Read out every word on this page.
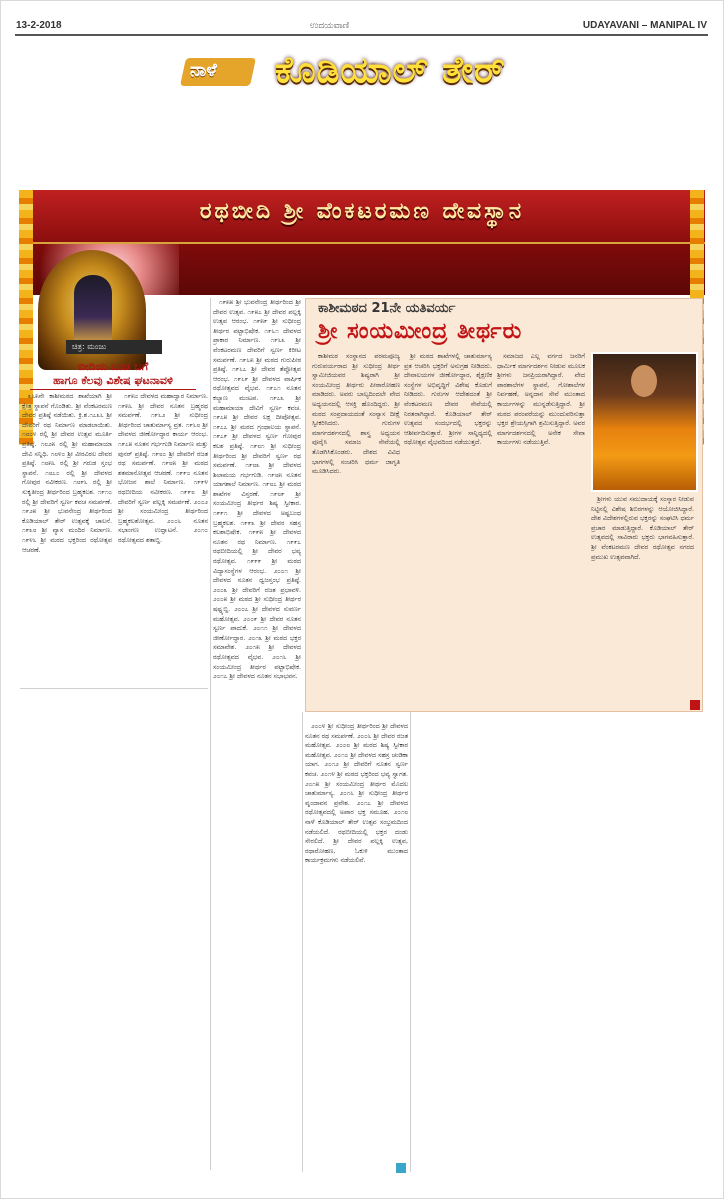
13-2-2018	ಉದಯವಾಣಿ	UDAYAVANI – MANIPAL IV
ರಥಬೀದಿ ಶ್ರೀ ವೆಂಕಟರಮಣ ದೇವಸ್ಥಾನ
ನಾಳೆ ಕೊಡಿಯಾಲ್ ತೇರ್
ಚಿತ್ರ: ಮಂಜು
ಬೀದಿಯ ಬಂಡ ಬಗೆ
ಹಾಗೂ ಕೆಲವು ವಿಶೇಷ ಘಟನಾವಳಿ

೩೬೫ನೇ ಕಾಶೀಮಠದ ಶಾಖೆಯಾಗಿ ಶ್ರೀ ಕ್ಷೇತ್ರ ಸ್ಥಾಪನೆ ಗೊಂಡಿತು. ಶ್ರೀ ವೆಂಕಟರಮಣ ದೇವರ ಪ್ರತಿಷ್ಠೆ ನಡೆಯಿತು. ಕ್ರಿ.ಶ.೧೭೩೬ ಶ್ರೀ ದೇವರಿಗೆ ರಥ ನಿರ್ಮಾಣ ಮಾಡಲಾಯಿತು. ೧೮೦೪ ರಲ್ಲಿ ಶ್ರೀ ದೇವರ ಉತ್ಸವ ಮೂರ್ತಿ ಪ್ರತಿಷ್ಠೆ. ೧೮೨೫ ರಲ್ಲಿ ಶ್ರೀ ಮಹಾಮಾಯಾ ದೇವಿ ಸನ್ನಿಧಿ. ೧೮೪೦ ಶ್ರೀ ವೀರವಿಠಲ ದೇವರ ಪ್ರತಿಷ್ಠೆ. ೧೮೫೬ ರಲ್ಲಿ ಶ್ರೀ ಗರುಡ ಸ್ತಂಭ ಸ್ಥಾಪನೆ. ೧೮೭೦ ರಲ್ಲಿ ಶ್ರೀ ದೇವಳದ ಗೋಪುರ ನವೀಕರಣ. ೧೮೯೬ ರಲ್ಲಿ ಶ್ರೀ ಸುಕೃತೀಂದ್ರ ತೀರ್ಥರಿಂದ ಬ್ರಹ್ಮಕಲಶ. ೧೯೧೦ ರಲ್ಲಿ ಶ್ರೀ ದೇವರಿಗೆ ಸ್ವರ್ಣ ಕವಚ ಸಮರ್ಪಣೆ. ೧೯೨೫ ಶ್ರೀ ಭುವನೇಂದ್ರ ತೀರ್ಥರಿಂದ ಕೊಡಿಯಾಲ್ ತೇರ್ ಉತ್ಸವಕ್ಕೆ ಚಾಲನೆ. ೧೯೩೮ ಶ್ರೀ ವ್ಯಾಸ ಮಂದಿರ ನಿರ್ಮಾಣ. ೧೯೪೬ ಶ್ರೀ ಮಠದ ಭಕ್ತರಿಂದ ರಥೋತ್ಸವ ಆಚರಣೆ.

೧೯೫೦ ದೇವಳದ ಮಹಾದ್ವಾರ ನಿರ್ಮಾಣ. ೧೯೫೬ ಶ್ರೀ ದೇವರ ನೂತನ ಬ್ರಹ್ಮರಥ ಸಮರ್ಪಣೆ. ೧೯೬೨ ಶ್ರೀ ಸುಧೀಂದ್ರ ತೀರ್ಥರಿಂದ ಚಾತುರ್ಮಾಸ್ಯ ವ್ರತ. ೧೯೬೮ ಶ್ರೀ ದೇವಳದ ಜೀರ್ಣೋದ್ಧಾರ ಕಾರ್ಯ ಆರಂಭ. ೧೯೭೫ ನೂತನ ಗರ್ಭಗುಡಿ ನಿರ್ಮಾಣ ಮತ್ತು ಪುನರ್ ಪ್ರತಿಷ್ಠೆ. ೧೯೮೦ ಶ್ರೀ ದೇವರಿಗೆ ರಜತ ರಥ ಸಮರ್ಪಣೆ. ೧೯೮೫ ಶ್ರೀ ಮಠದ ಶತಮಾನೋತ್ಸವ ಆಚರಣೆ. ೧೯೯೦ ನೂತನ ಭೋಜನ ಶಾಲೆ ನಿರ್ಮಾಣ. ೧೯೯೪ ರಥಬೀದಿಯ ನವೀಕರಣ. ೧೯೯೮ ಶ್ರೀ ದೇವರಿಗೆ ಸ್ವರ್ಣ ಪಲ್ಲಕ್ಕಿ ಸಮರ್ಪಣೆ. ೨೦೦೨ ಶ್ರೀ ಸಂಯಮೀಂದ್ರ ತೀರ್ಥರಿಂದ ಬ್ರಹ್ಮಕಲಶೋತ್ಸವ. ೨೦೦೬ ನೂತನ ಸಭಾಂಗಣ ಉದ್ಘಾಟನೆ. ೨೦೧೦ ರಥೋತ್ಸವದ ಶತಾಬ್ದಿ.

೧೯೫೫ ಶ್ರೀ ಭುವನೇಂದ್ರ ತೀರ್ಥರಿಂದ ಶ್ರೀ ದೇವರ ಉತ್ಸವ. ೧೯೫೭ ಶ್ರೀ ದೇವರ ಪಲ್ಲಕ್ಕಿ ಉತ್ಸವ ಆರಂಭ. ೧೯೫೯ ಶ್ರೀ ಸುಧೀಂದ್ರ ತೀರ್ಥರ ಪಟ್ಟಾಭಿಷೇಕ. ೧೯೬೧ ದೇವಳದ ಪ್ರಾಕಾರ ನಿರ್ಮಾಣ. ೧೯೬೩ ಶ್ರೀ ವೆಂಕಟರಮಣ ದೇವರಿಗೆ ಸ್ವರ್ಣ ಕಿರೀಟ ಸಮರ್ಪಣೆ. ೧೯೬೫ ಶ್ರೀ ಮಠದ ಗುರುಪೀಠ ಪ್ರತಿಷ್ಠೆ. ೧೯೬೭ ಶ್ರೀ ದೇವರ ತೆಪ್ಪೋತ್ಸವ ಆರಂಭ. ೧೯೬೯ ಶ್ರೀ ದೇವಳದ ವಾರ್ಷಿಕ ರಥೋತ್ಸವದ ವೈಭವ. ೧೯೭೧ ನೂತನ ಕಲ್ಯಾಣ ಮಂಟಪ. ೧೯೭೩ ಶ್ರೀ ಮಹಾಮಾಯಾ ದೇವಿಗೆ ಸ್ವರ್ಣ ಕವಚ. ೧೯೭೫ ಶ್ರೀ ದೇವರ ಲಕ್ಷ ದೀಪೋತ್ಸವ. ೧೯೭೭ ಶ್ರೀ ಮಠದ ಗ್ರಂಥಾಲಯ ಸ್ಥಾಪನೆ. ೧೯೭೯ ಶ್ರೀ ದೇವಳದ ಸ್ವರ್ಣ ಗೋಪುರ ಕಲಶ ಪ್ರತಿಷ್ಠೆ. ೧೯೮೧ ಶ್ರೀ ಸುಧೀಂದ್ರ ತೀರ್ಥರಿಂದ ಶ್ರೀ ದೇವರಿಗೆ ಸ್ವರ್ಣ ರಥ ಸಮರ್ಪಣೆ. ೧೯೮೩ ಶ್ರೀ ದೇವಳದ ಶಿಲಾಮಯ ಗರ್ಭಗುಡಿ. ೧೯೮೫ ನೂತನ ಯಾಗಶಾಲೆ ನಿರ್ಮಾಣ. ೧೯೮೭ ಶ್ರೀ ಮಠದ ಶಾಖೆಗಳ ವಿಸ್ತರಣೆ. ೧೯೮೯ ಶ್ರೀ ಸಂಯಮೀಂದ್ರ ತೀರ್ಥರ ಶಿಷ್ಯ ಸ್ವೀಕಾರ. ೧೯೯೧ ಶ್ರೀ ದೇವಳದ ಅಷ್ಟಬಂಧ ಬ್ರಹ್ಮಕಲಶ. ೧೯೯೩ ಶ್ರೀ ದೇವರ ಸಹಸ್ರ ಕಲಶಾಭಿಷೇಕ. ೧೯೯೫ ಶ್ರೀ ದೇವಳದ ನೂತನ ರಥ ನಿರ್ಮಾಣ. ೧೯೯೭ ರಥಬೀದಿಯಲ್ಲಿ ಶ್ರೀ ದೇವರ ಭವ್ಯ ರಥೋತ್ಸವ. ೧೯೯೯ ಶ್ರೀ ಮಠದ ವಿದ್ಯಾಸಂಸ್ಥೆಗಳ ಆರಂಭ. ೨೦೦೧ ಶ್ರೀ ದೇವಳದ ನೂತನ ಧ್ವಜಸ್ತಂಭ ಪ್ರತಿಷ್ಠೆ. ೨೦೦೩ ಶ್ರೀ ದೇವರಿಗೆ ರಜತ ಪ್ರಭಾವಳಿ. ೨೦೦೫ ಶ್ರೀ ಮಠದ ಶ್ರೀ ಸುಧೀಂದ್ರ ತೀರ್ಥರ ಷಷ್ಟ್ಯಬ್ದಿ. ೨೦೦೭ ಶ್ರೀ ದೇವಳದ ಸುವರ್ಣ ಮಹೋತ್ಸವ. ೨೦೦೯ ಶ್ರೀ ದೇವರ ನೂತನ ಸ್ವರ್ಣ ಪಾದುಕೆ. ೨೦೧೧ ಶ್ರೀ ದೇವಳದ ಜೀರ್ಣೋದ್ಧಾರ. ೨೦೧೩ ಶ್ರೀ ಮಠದ ಭಕ್ತರ ಸಮಾವೇಶ. ೨೦೧೫ ಶ್ರೀ ದೇವಳದ ರಥೋತ್ಸವದ ವೈಭವ. ೨೦೧೬ ಶ್ರೀ ಸಂಯಮೀಂದ್ರ ತೀರ್ಥರ ಪಟ್ಟಾಭಿಷೇಕ. ೨೦೧೭ ಶ್ರೀ ದೇವಳದ ನೂತನ ಸಭಾಭವನ.

ಕಾಶೀಮಠದ 21ನೇ ಯತಿವರ್ಯ
ಶ್ರೀ ಸಂಯಮೀಂದ್ರ ತೀರ್ಥರು

ಕಾಶೀಮಠ ಸಂಸ್ಥಾನದ ಪರಮಪೂಜ್ಯ ಗುರುವರ್ಯರಾದ ಶ್ರೀ ಸುಧೀಂದ್ರ ತೀರ್ಥ ಸ್ವಾಮೀಜಿಯವರ ಶಿಷ್ಯರಾಗಿ ಶ್ರೀ ಸಂಯಮೀಂದ್ರ ತೀರ್ಥರು ಪೀಠಾರೋಹಣ ಮಾಡಿದರು. ಅವರು ಬಾಲ್ಯದಿಂದಲೇ ವೇದ ಅಧ್ಯಯನದಲ್ಲಿ ಆಸಕ್ತಿ ಹೊಂದಿದ್ದರು. ಶ್ರೀ ಮಠದ ಸಂಪ್ರದಾಯದಂತೆ ಸಂನ್ಯಾಸ ದೀಕ್ಷೆ ಸ್ವೀಕರಿಸಿದರು. ಗುರುಗಳ ಮಾರ್ಗದರ್ಶನದಲ್ಲಿ ಶಾಸ್ತ್ರ ಅಧ್ಯಯನ ಪೂರೈಸಿ ಸಮಾಜ ಸೇವೆಯಲ್ಲಿ ತೊಡಗಿಸಿಕೊಂಡರು. ದೇಶದ ವಿವಿಧ ಭಾಗಗಳಲ್ಲಿ ಸಂಚರಿಸಿ ಧರ್ಮ ಜಾಗೃತಿ ಮೂಡಿಸಿದರು.

ಶ್ರೀ ಮಠದ ಶಾಖೆಗಳಲ್ಲಿ ಚಾತುರ್ಮಾಸ್ಯ ವ್ರತ ಆಚರಿಸಿ ಭಕ್ತರಿಗೆ ಅನುಗ್ರಹ ನೀಡಿದರು. ದೇವಾಲಯಗಳ ಜೀರ್ಣೋದ್ಧಾರ, ಶೈಕ್ಷಣಿಕ ಸಂಸ್ಥೆಗಳ ಅಭಿವೃದ್ಧಿಗೆ ವಿಶೇಷ ಕೊಡುಗೆ ನೀಡಿದರು. ಗುರುಗಳ ಆದೇಶದಂತೆ ಶ್ರೀ ವೆಂಕಟರಮಣ ದೇವರ ಸೇವೆಯಲ್ಲಿ ನಿರತರಾಗಿದ್ದಾರೆ. ಕೊಡಿಯಾಲ್ ತೇರ್ ಉತ್ಸವದ ಸಂದರ್ಭದಲ್ಲಿ ಭಕ್ತರನ್ನು ಆಶೀರ್ವದಿಸುತ್ತಾರೆ. ಶ್ರೀಗಳ ಸಾನ್ನಿಧ್ಯದಲ್ಲಿ ರಥೋತ್ಸವ ವೈಭವದಿಂದ ನಡೆಯುತ್ತದೆ.

ಸಮಾಜದ ಎಲ್ಲ ವರ್ಗದ ಜನರಿಗೆ ಧಾರ್ಮಿಕ ಮಾರ್ಗದರ್ಶನ ನೀಡುವ ಮೂಲಕ ಶ್ರೀಗಳು ಜನಪ್ರಿಯರಾಗಿದ್ದಾರೆ. ವೇದ ಪಾಠಶಾಲೆಗಳ ಸ್ಥಾಪನೆ, ಗೋಶಾಲೆಗಳ ನಿರ್ವಹಣೆ, ಅನ್ನದಾನ ಸೇವೆ ಮುಂತಾದ ಕಾರ್ಯಗಳನ್ನು ಮುನ್ನಡೆಸುತ್ತಿದ್ದಾರೆ. ಶ್ರೀ ಮಠದ ಪರಂಪರೆಯನ್ನು ಮುಂದುವರಿಸುತ್ತಾ ಭಕ್ತರ ಶ್ರೇಯಸ್ಸಿಗಾಗಿ ಶ್ರಮಿಸುತ್ತಿದ್ದಾರೆ. ಅವರ ಮಾರ್ಗದರ್ಶನದಲ್ಲಿ ಅನೇಕ ಸೇವಾ ಕಾರ್ಯಗಳು ನಡೆಯುತ್ತಿವೆ.

ಶ್ರೀಗಳು ಯುವ ಸಮುದಾಯಕ್ಕೆ ಸಂಸ್ಕಾರ ನೀಡುವ ನಿಟ್ಟಿನಲ್ಲಿ ವಿಶೇಷ ಶಿಬಿರಗಳನ್ನು ಆಯೋಜಿಸಿದ್ದಾರೆ. ದೇಶ ವಿದೇಶಗಳಲ್ಲಿರುವ ಭಕ್ತರನ್ನು ಸಂಘಟಿಸಿ ಧರ್ಮ ಪ್ರಚಾರ ಮಾಡುತ್ತಿದ್ದಾರೆ. ಕೊಡಿಯಾಲ್ ತೇರ್ ಉತ್ಸವದಲ್ಲಿ ಸಾವಿರಾರು ಭಕ್ತರು ಭಾಗವಹಿಸುತ್ತಾರೆ. ಶ್ರೀ ವೆಂಕಟರಮಣ ದೇವರ ರಥೋತ್ಸವ ನಗರದ ಪ್ರಮುಖ ಉತ್ಸವವಾಗಿದೆ.

೨೦೦೪ ಶ್ರೀ ಸುಧೀಂದ್ರ ತೀರ್ಥರಿಂದ ಶ್ರೀ ದೇವಳದ ನೂತನ ರಥ ಸಮರ್ಪಣೆ. ೨೦೦೬ ಶ್ರೀ ದೇವರ ರಜತ ಮಹೋತ್ಸವ. ೨೦೦೮ ಶ್ರೀ ಮಠದ ಶಿಷ್ಯ ಸ್ವೀಕಾರ ಮಹೋತ್ಸವ. ೨೦೧೦ ಶ್ರೀ ದೇವಳದ ಸಹಸ್ರ ಚಂಡಿಕಾ ಯಾಗ. ೨೦೧೨ ಶ್ರೀ ದೇವರಿಗೆ ನೂತನ ಸ್ವರ್ಣ ಕವಚ. ೨೦೧೪ ಶ್ರೀ ಮಠದ ಭಕ್ತರಿಂದ ಭವ್ಯ ಸ್ವಾಗತ. ೨೦೧೫ ಶ್ರೀ ಸಂಯಮೀಂದ್ರ ತೀರ್ಥರ ಮೊದಲ ಚಾತುರ್ಮಾಸ್ಯ. ೨೦೧೬ ಶ್ರೀ ಸುಧೀಂದ್ರ ತೀರ್ಥರ ವೃಂದಾವನ ಪ್ರವೇಶ. ೨೦೧೭ ಶ್ರೀ ದೇವಳದ ರಥೋತ್ಸವದಲ್ಲಿ ಅಪಾರ ಭಕ್ತ ಸಮೂಹ. ೨೦೧೮ ನಾಳೆ ಕೊಡಿಯಾಲ್ ತೇರ್ ಉತ್ಸವ ಸಂಭ್ರಮದಿಂದ ನಡೆಯಲಿದೆ. ರಥಬೀದಿಯಲ್ಲಿ ಭಕ್ತರ ದಂಡು ಸೇರಲಿದೆ. ಶ್ರೀ ದೇವರ ಪಲ್ಲಕ್ಕಿ ಉತ್ಸವ, ರಥಾರೋಹಣ, ಓಕುಳಿ ಮುಂತಾದ ಕಾರ್ಯಕ್ರಮಗಳು ನಡೆಯಲಿವೆ.
